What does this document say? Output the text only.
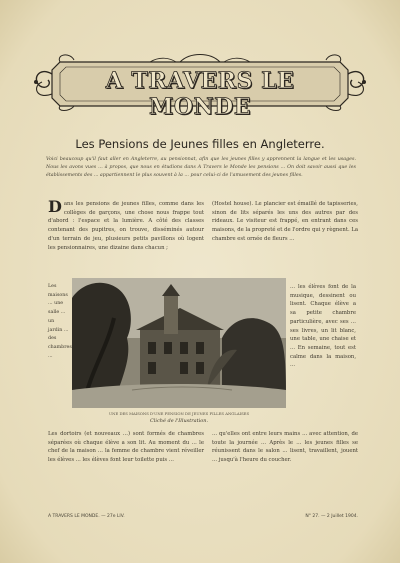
A TRAVERS LE MONDE
Les Pensions de Jeunes filles en Angleterre.
Voici beaucoup qu'il faut aller en Angleterre, au pensionnat, afin que les jeunes filles y apprennent la langue et les usages. Nous les avons vues ... à propos, que nous en étudions dans A Travers le Monde les pensions ... On doit savoir aussi que les établissements des ... appartiennent le plus souvent à la ... pour celui-ci de l'amusement des jeunes filles.
D ans les pensions de jeunes filles, comme dans les collèges de garçons, une chose nous frappe tout d'abord : l'espace et la lumière. A côté des classes contenant des pupitres, on trouve, disséminés autour d'un terrain de jeu, plusieurs petits pavillons où logent les pensionnaires, une dizaine dans chacun ;
(Hostel house). Le plancier est émaillé de tapisseries, sinon de lits séparés les uns des autres par des rideaux. Le visiteur est frappé, en entrant dans ces maisons, de la propreté et de l'ordre qui y règnent. La chambre est ornée de fleurs ...
Les maisons ... une salle ... un jardin ... des chambres ...
... les élèves font de la musique, dessinent ou lisent. Chaque élève a sa petite chambre particulière, avec ses ... ses livres, un lit blanc, une table, une chaise et ... En semaine, tout est calme dans la maison, ...
UNE DES MAISONS D'UNE PENSION DE JEUNES FILLES ANGLAISES
Cliché de l'Illustration.
Les dortoirs (et nouveaux ...) sont formés de chambres séparées où chaque élève a son lit. Au moment du ... le chef de la maison ... la femme de chambre vient réveiller les élèves ... les élèves font leur toilette puis ...
... qu'elles ont entre leurs mains ... avec attention, de toute la journée ... Après le ... les jeunes filles se réunissent dans le salon ... lisent, travaillent, jouent ... jusqu'à l'heure du coucher.
A TRAVERS LE MONDE. — 27e LIV.	N° 27. — 2 Juillet 1904.
